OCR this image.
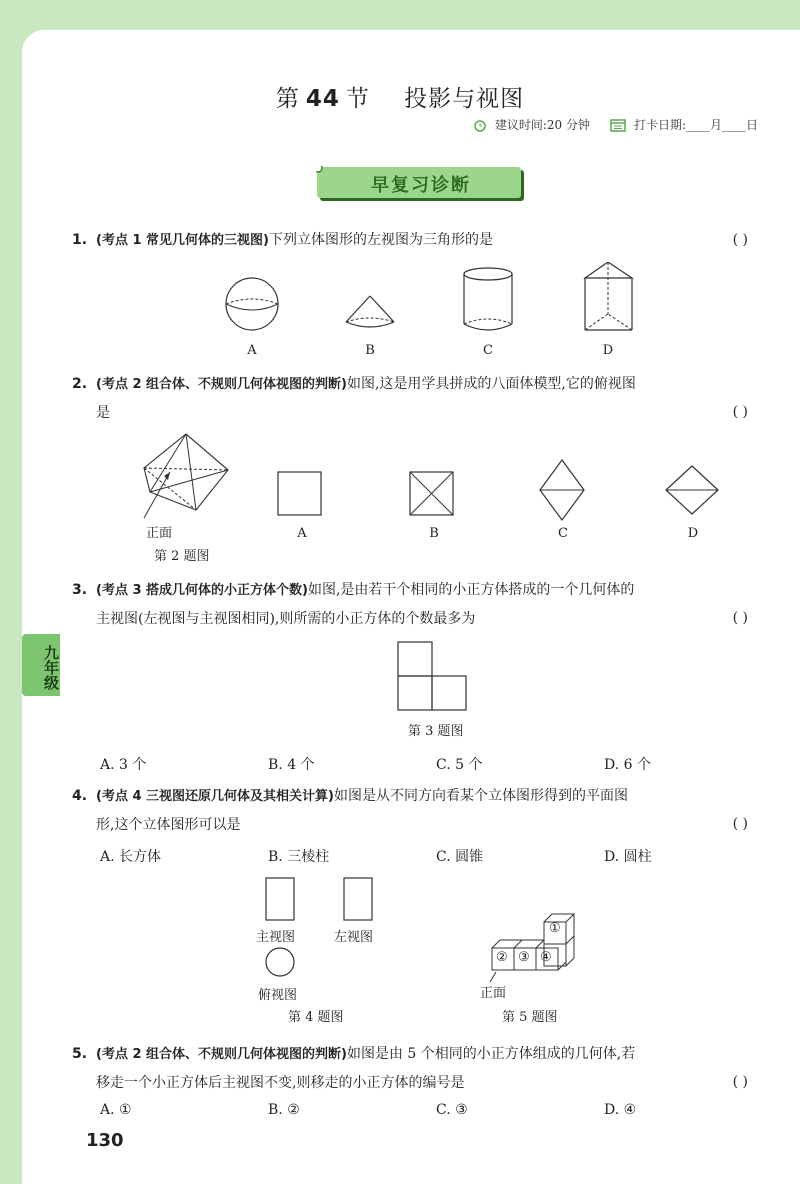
九年级
第 44 节 投影与视图
建议时间:20 分钟	打卡日期:____月____日
早复习诊断
1. (考点 1 常见几何体的三视图)下列立体图形的左视图为三角形的是	( )
A	B	C	D
2. (考点 2 组合体、不规则几何体视图的判断)如图,这是用学具拼成的八面体模型,它的俯视图
是	( )
正面
第 2 题图
A	B	C	D
3. (考点 3 搭成几何体的小正方体个数)如图,是由若干个相同的小正方体搭成的一个几何体的
主视图(左视图与主视图相同),则所需的小正方体的个数最多为	( )
第 3 题图
A. 3 个	B. 4 个	C. 5 个	D. 6 个
4. (考点 4 三视图还原几何体及其相关计算)如图是从不同方向看某个立体图形得到的平面图
形,这个立体图形可以是	( )
A. 长方体	B. 三棱柱	C. 圆锥	D. 圆柱
主视图	左视图
俯视图
第 4 题图
①
② ③ ④
正面
第 5 题图
5. (考点 2 组合体、不规则几何体视图的判断)如图是由 5 个相同的小正方体组成的几何体,若
移走一个小正方体后主视图不变,则移走的小正方体的编号是	( )
A. ①	B. ②	C. ③	D. ④
130
